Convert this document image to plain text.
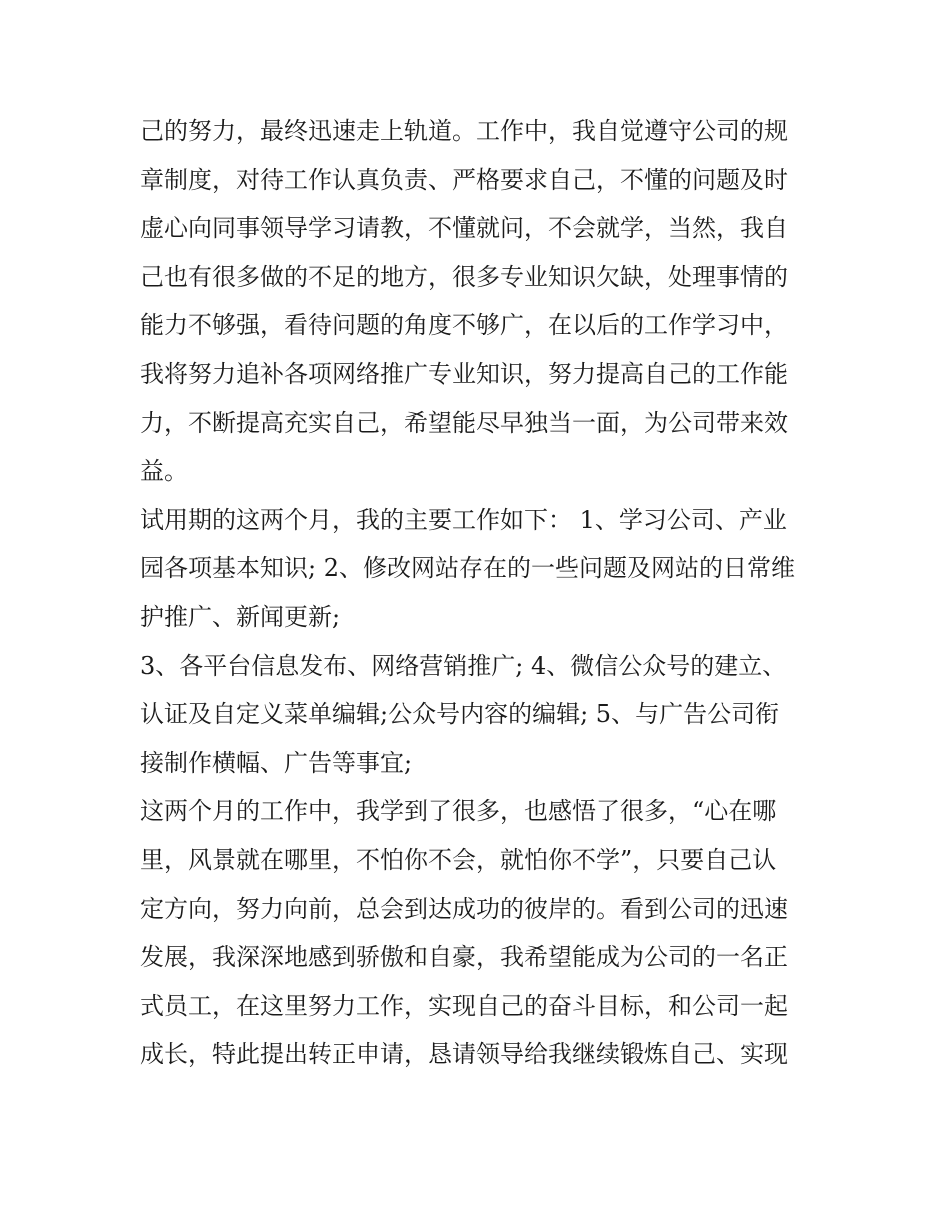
己的努力，最终迅速走上轨道。工作中，我自觉遵守公司的规
章制度，对待工作认真负责、严格要求自己，不懂的问题及时
虚心向同事领导学习请教，不懂就问，不会就学，当然，我自
己也有很多做的不足的地方，很多专业知识欠缺，处理事情的
能力不够强，看待问题的角度不够广，在以后的工作学习中，
我将努力追补各项网络推广专业知识，努力提高自己的工作能
力，不断提高充实自己，希望能尽早独当一面，为公司带来效
益。
试用期的这两个月，我的主要工作如下： 1、学习公司、产业
园各项基本知识; 2、修改网站存在的一些问题及网站的日常维
护推广、新闻更新;
3、各平台信息发布、网络营销推广; 4、微信公众号的建立、
认证及自定义菜单编辑;公众号内容的编辑; 5、与广告公司衔
接制作横幅、广告等事宜;
这两个月的工作中，我学到了很多，也感悟了很多，“心在哪
里，风景就在哪里，不怕你不会，就怕你不学”，只要自己认
定方向，努力向前，总会到达成功的彼岸的。看到公司的迅速
发展，我深深地感到骄傲和自豪，我希望能成为公司的一名正
式员工，在这里努力工作，实现自己的奋斗目标，和公司一起
成长，特此提出转正申请，恳请领导给我继续锻炼自己、实现
